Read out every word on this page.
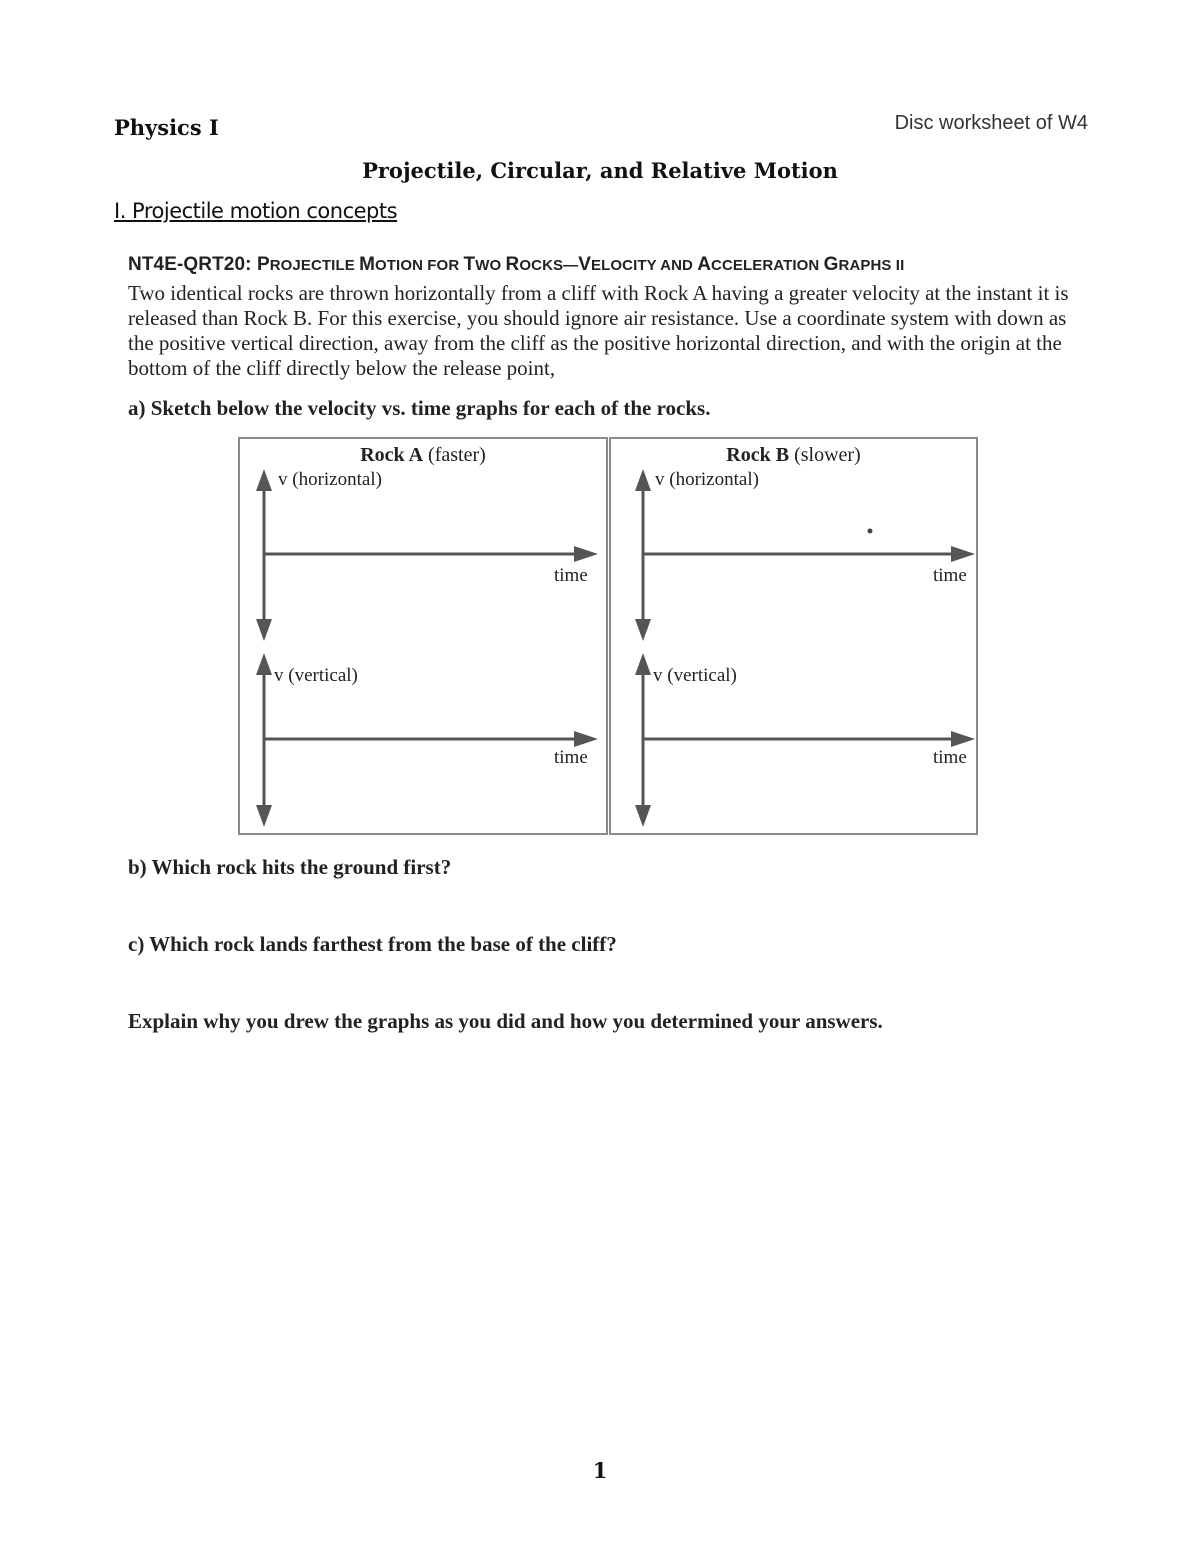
Physics I	Disc worksheet of W4
Projectile, Circular, and Relative Motion
I. Projectile motion concepts
NT4E-QRT20: PROJECTILE MOTION FOR TWO ROCKS—VELOCITY AND ACCELERATION GRAPHS II
Two identical rocks are thrown horizontally from a cliff with Rock A having a greater velocity at the instant it is released than Rock B. For this exercise, you should ignore air resistance. Use a coordinate system with down as the positive vertical direction, away from the cliff as the positive horizontal direction, and with the origin at the bottom of the cliff directly below the release point,
a) Sketch below the velocity vs. time graphs for each of the rocks.
Rock A (faster)
v (horizontal)
time
v (vertical)
time
Rock B (slower)
v (horizontal)
time
v (vertical)
time
b) Which rock hits the ground first?
c) Which rock lands farthest from the base of the cliff?
Explain why you drew the graphs as you did and how you determined your answers.
1
